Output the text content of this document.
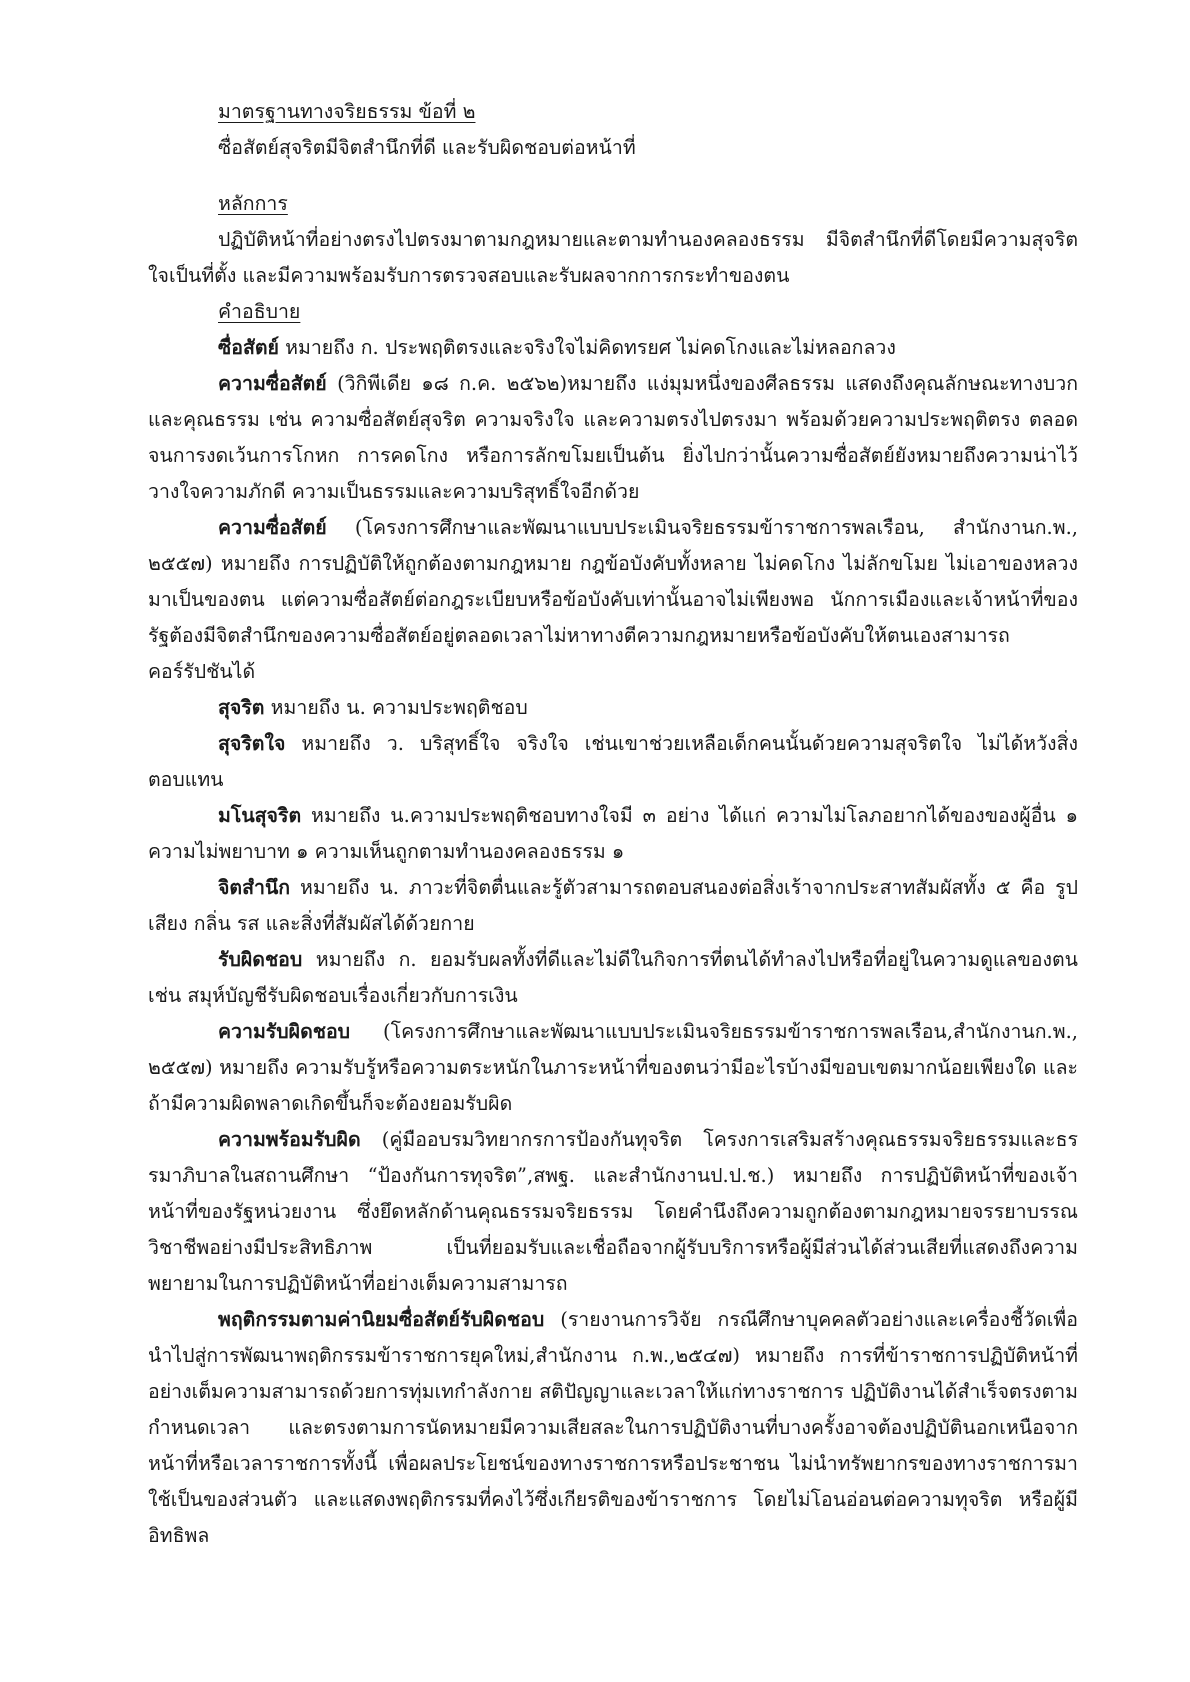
มาตรฐานทางจริยธรรม ข้อที่ ๒
ซื่อสัตย์สุจริตมีจิตสำนึกที่ดี และรับผิดชอบต่อหน้าที่
หลักการ

ปฏิบัติหน้าที่อย่างตรงไปตรงมาตามกฎหมายและตามทำนองคลองธรรม มีจิตสำนึกที่ดีโดยมีความสุจริตใจเป็นที่ตั้ง และมีความพร้อมรับการตรวจสอบและรับผลจากการกระทำของตน

คำอธิบาย

ซื่อสัตย์ หมายถึง ก. ประพฤติตรงและจริงใจไม่คิดทรยศ ไม่คดโกงและไม่หลอกลวง

ความซื่อสัตย์ (วิกิพีเดีย ๑๘ ก.ค. ๒๕๖๒)หมายถึง แง่มุมหนึ่งของศีลธรรม แสดงถึงคุณลักษณะทางบวกและคุณธรรม เช่น ความซื่อสัตย์สุจริต ความจริงใจ และความตรงไปตรงมา พร้อมด้วยความประพฤติตรง ตลอดจนการงดเว้นการโกหก การคดโกง หรือการลักขโมยเป็นต้น ยิ่งไปกว่านั้นความซื่อสัตย์ยังหมายถึงความน่าไว้วางใจความภักดี ความเป็นธรรมและความบริสุทธิ์ใจอีกด้วย

ความซื่อสัตย์ (โครงการศึกษาและพัฒนาแบบประเมินจริยธรรมข้าราชการพลเรือน, สำนักงานก.พ., ๒๕๕๗) หมายถึง การปฏิบัติให้ถูกต้องตามกฎหมาย กฎข้อบังคับทั้งหลาย ไม่คดโกง ไม่ลักขโมย ไม่เอาของหลวงมาเป็นของตน แต่ความซื่อสัตย์ต่อกฎระเบียบหรือข้อบังคับเท่านั้นอาจไม่เพียงพอ นักการเมืองและเจ้าหน้าที่ของรัฐต้องมีจิตสำนึกของความซื่อสัตย์อยู่ตลอดเวลาไม่หาทางตีความกฎหมายหรือข้อบังคับให้ตนเองสามารถคอร์รัปชันได้

สุจริต หมายถึง น. ความประพฤติชอบ

สุจริตใจ หมายถึง ว. บริสุทธิ์ใจ จริงใจ เช่นเขาช่วยเหลือเด็กคนนั้นด้วยความสุจริตใจ ไม่ได้หวังสิ่งตอบแทน

มโนสุจริต หมายถึง น.ความประพฤติชอบทางใจมี ๓ อย่าง ได้แก่ ความไม่โลภอยากได้ของของผู้อื่น ๑ ความไม่พยาบาท ๑ ความเห็นถูกตามทำนองคลองธรรม ๑

จิตสำนึก หมายถึง น. ภาวะที่จิตตื่นและรู้ตัวสามารถตอบสนองต่อสิ่งเร้าจากประสาทสัมผัสทั้ง ๕ คือ รูป เสียง กลิ่น รส และสิ่งที่สัมผัสได้ด้วยกาย

รับผิดชอบ หมายถึง ก. ยอมรับผลทั้งที่ดีและไม่ดีในกิจการที่ตนได้ทำลงไปหรือที่อยู่ในความดูแลของตน เช่น สมุห์บัญชีรับผิดชอบเรื่องเกี่ยวกับการเงิน

ความรับผิดชอบ (โครงการศึกษาและพัฒนาแบบประเมินจริยธรรมข้าราชการพลเรือน,สำนักงานก.พ., ๒๕๕๗) หมายถึง ความรับรู้หรือความตระหนักในภาระหน้าที่ของตนว่ามีอะไรบ้างมีขอบเขตมากน้อยเพียงใด และถ้ามีความผิดพลาดเกิดขึ้นก็จะต้องยอมรับผิด

ความพร้อมรับผิด (คู่มืออบรมวิทยากรการป้องกันทุจริต โครงการเสริมสร้างคุณธรรมจริยธรรมและธรรมาภิบาลในสถานศึกษา “ป้องกันการทุจริต”,สพฐ. และสำนักงานป.ป.ช.) หมายถึง การปฏิบัติหน้าที่ของเจ้าหน้าที่ของรัฐหน่วยงาน ซึ่งยึดหลักด้านคุณธรรมจริยธรรม โดยคำนึงถึงความถูกต้องตามกฎหมายจรรยาบรรณวิชาชีพอย่างมีประสิทธิภาพ เป็นที่ยอมรับและเชื่อถือจากผู้รับบริการหรือผู้มีส่วนได้ส่วนเสียที่แสดงถึงความพยายามในการปฏิบัติหน้าที่อย่างเต็มความสามารถ

พฤติกรรมตามค่านิยมซื่อสัตย์รับผิดชอบ (รายงานการวิจัย กรณีศึกษาบุคคลตัวอย่างและเครื่องชี้วัดเพื่อนำไปสู่การพัฒนาพฤติกรรมข้าราชการยุคใหม่,สำนักงาน ก.พ.,๒๕๔๗) หมายถึง การที่ข้าราชการปฏิบัติหน้าที่อย่างเต็มความสามารถด้วยการทุ่มเทกำลังกาย สติปัญญาและเวลาให้แก่ทางราชการ ปฏิบัติงานได้สำเร็จตรงตามกำหนดเวลา และตรงตามการนัดหมายมีความเสียสละในการปฏิบัติงานที่บางครั้งอาจต้องปฏิบัตินอกเหนือจากหน้าที่หรือเวลาราชการทั้งนี้ เพื่อผลประโยชน์ของทางราชการหรือประชาชน ไม่นำทรัพยากรของทางราชการมาใช้เป็นของส่วนตัว และแสดงพฤติกรรมที่คงไว้ซึ่งเกียรติของข้าราชการ โดยไม่โอนอ่อนต่อความทุจริต หรือผู้มีอิทธิพล
